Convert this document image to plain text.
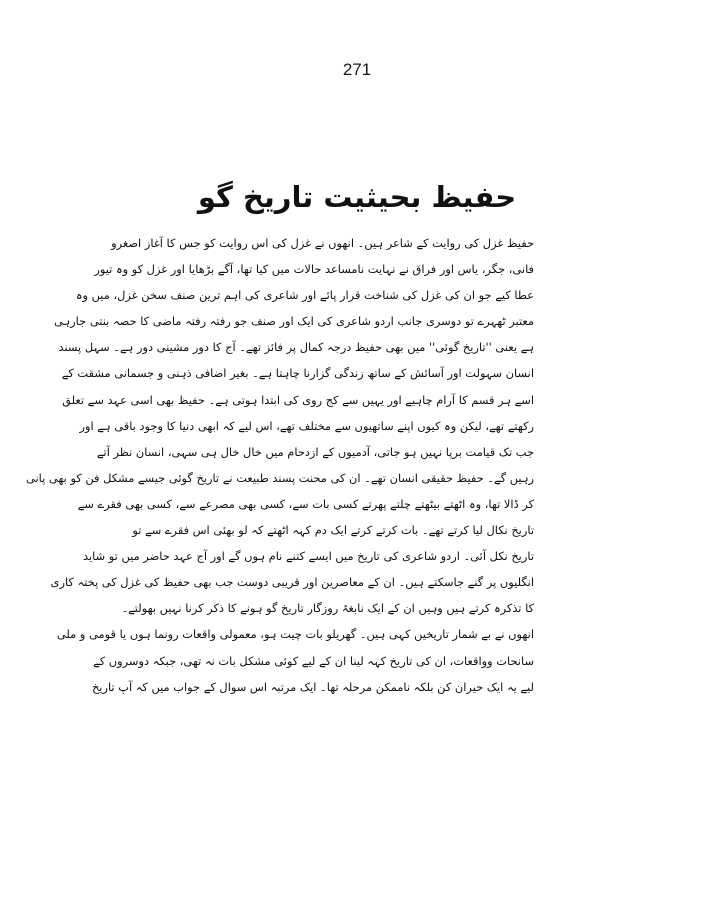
271
حفیظ بحیثیت تاریخ گو
حفیظ غزل کی روایت کے شاعر ہیں۔ انھوں نے غزل کی اس روایت کو جس کا آغاز اصغرو
فانی، جگر، یاس اور فراق نے نہایت نامساعد حالات میں کیا تھا، آگے بڑھایا اور غزل کو وہ تیور
عطا کیے جو ان کی غزل کی شناخت قرار پائے اور شاعری کی اہم ترین صنف سخن غزل، میں وہ
معتبر ٹھہرے تو دوسری جانب اردو شاعری کی ایک اور صنف جو رفتہ رفتہ ماضی کا حصہ بنتی جارہی
ہے یعنی ''تاریخ گوئی'' میں بھی حفیظ درجہ کمال پر فائز تھے۔ آج کا دور مشینی دور ہے۔ سہل پسند
انسان سہولت اور آسائش کے ساتھ زندگی گزارنا چاہتا ہے۔ بغیر اضافی ذہنی و جسمانی مشقت کے
اسے ہر قسم کا آرام چاہیے اور یہیں سے کج روی کی ابتدا ہوتی ہے۔ حفیظ بھی اسی عہد سے تعلق
رکھتے تھے، لیکن وہ کیوں اپنے ساتھیوں سے مختلف تھے، اس لیے کہ ابھی دنیا کا وجود باقی ہے اور
جب تک قیامت برپا نہیں ہو جاتی، آدمیوں کے ازدحام میں خال خال ہی سہی، انسان نظر آتے
رہیں گے۔ حفیظ حقیقی انسان تھے۔ ان کی محنت پسند طبیعت نے تاریخ گوئی جیسے مشکل فن کو بھی پانی
کر ڈالا تھا، وہ اٹھتے بیٹھتے چلتے پھرتے کسی بات سے، کسی بھی مصرعے سے، کسی بھی فقرے سے
تاریخ نکال لیا کرتے تھے۔ بات کرتے کرتے ایک دم کہہ اٹھتے کہ لو بھئی اس فقرے سے تو
تاریخ نکل آئی۔ اردو شاعری کی تاریخ میں ایسے کتنے نام ہوں گے اور آج عہد حاضر میں تو شاید
انگلیوں پر گنے جاسکتے ہیں۔ ان کے معاصرین اور قریبی دوست جب بھی حفیظ کی غزل کی پختہ کاری
کا تذکرہ کرتے ہیں وہیں ان کے ایک نابغۂ روزگار تاریخ گو ہونے کا ذکر کرنا نہیں بھولتے۔
انھوں نے بے شمار تاریخیں کہی ہیں۔ گھریلو بات چیت ہو، معمولی واقعات رونما ہوں یا قومی و ملی
سانحات وواقعات، ان کی تاریخ کہہ لینا ان کے لیے کوئی مشکل بات نہ تھی، جبکہ دوسروں کے
لیے یہ ایک حیران کن بلکہ ناممکن مرحلہ تھا۔ ایک مرتبہ اس سوال کے جواب میں کہ آپ تاریخ
